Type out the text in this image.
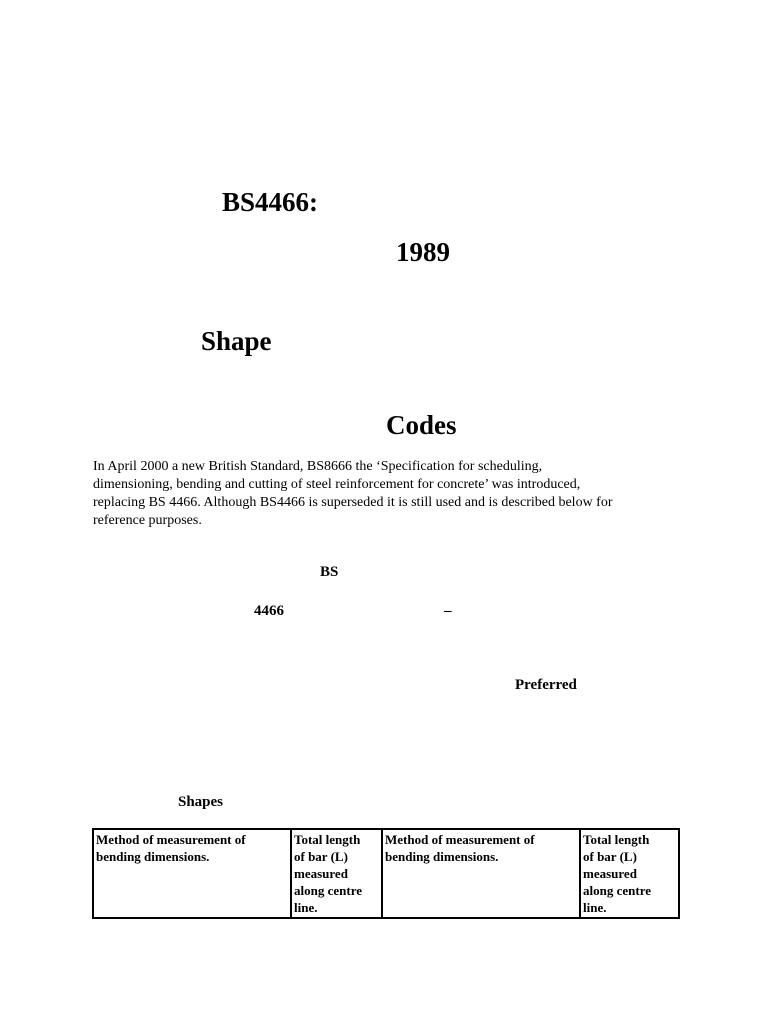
BS4466:
1989
Shape
Codes
In April 2000 a new British Standard, BS8666 the ‘Specification for scheduling,
dimensioning, bending and cutting of steel reinforcement for concrete’ was introduced,
replacing BS 4466. Although BS4466 is superseded it is still used and is described below for
reference purposes.
BS
4466	–
Preferred
Shapes
Method of measurement of
bending dimensions.

Total length
of bar (L)
measured
along centre
line.

Method of measurement of
bending dimensions.

Total length
of bar (L)
measured
along centre
line.
